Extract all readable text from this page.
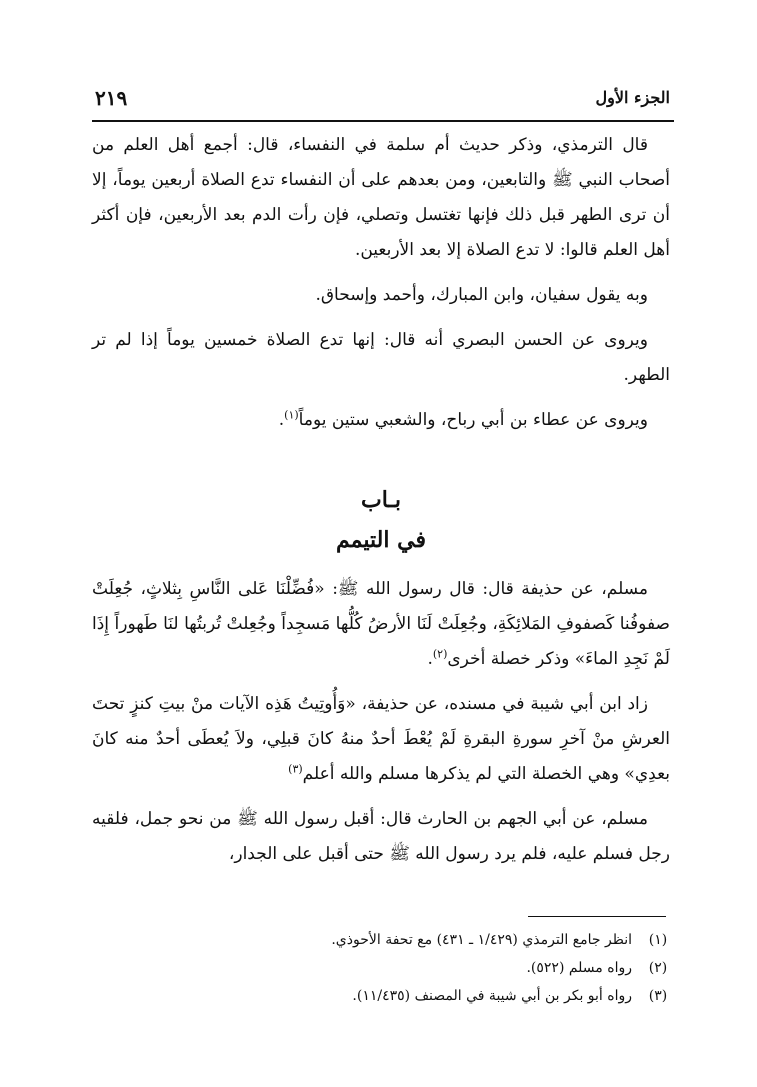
الجزء الأول
٢١٩

قال الترمذي، وذكر حديث أم سلمة في النفساء، قال: أجمع أهل العلم من أصحاب النبي ﷺ والتابعين، ومن بعدهم على أن النفساء تدع الصلاة أربعين يوماً، إلا أن ترى الطهر قبل ذلك فإنها تغتسل وتصلي، فإن رأت الدم بعد الأربعين، فإن أكثر أهل العلم قالوا: لا تدع الصلاة إلا بعد الأربعين.

وبه يقول سفيان، وابن المبارك، وأحمد وإسحاق.

ويروى عن الحسن البصري أنه قال: إنها تدع الصلاة خمسين يوماً إذا لم تر الطهر.

ويروى عن عطاء بن أبي رباح، والشعبي ستين يوماً$^{(١)}$.

بـاب

في التيمم

مسلم، عن حذيفة قال: قال رسول الله ﷺ: «فُضِّلْنَا عَلى النَّاسِ بِثلاثٍ، جُعِلَتْ صفوفُنا كَصفوفِ المَلائِكَةِ، وجُعِلَتْ لَنَا الأرضُ كُلُّها مَسجِداً وجُعِلتْ تُربتُها لنَا طَهوراً إِذَا لَمْ نَجِدِ الماءَ» وذكر خصلة أخرى$^{(٢)}$.

زاد ابن أبي شيبة في مسنده، عن حذيفة، «وَأُوتِيتُ هَذِه الآيات منْ بيتِ كنزٍ تحتَ العرشِ منْ آخرِ سورةِ البقرةِ لَمْ يُعْطَ أحدٌ منهُ كانَ قبلِي، ولاَ يُعطَى أحدٌ منه كانَ بعدِي» وهي الخصلة التي لم يذكرها مسلم والله أعلم$^{(٣)}$

مسلم، عن أبي الجهم بن الحارث قال: أقبل رسول الله ﷺ من نحو جمل، فلقيه رجل فسلم عليه، فلم يرد رسول الله ﷺ حتى أقبل على الجدار،

(١)
انظر جامع الترمذي (١/٤٢٩ ـ ٤٣١) مع تحفة الأحوذي.
(٢)
رواه مسلم (٥٢٢).
(٣)
رواه أبو بكر بن أبي شيبة في المصنف (١١/٤٣٥).
